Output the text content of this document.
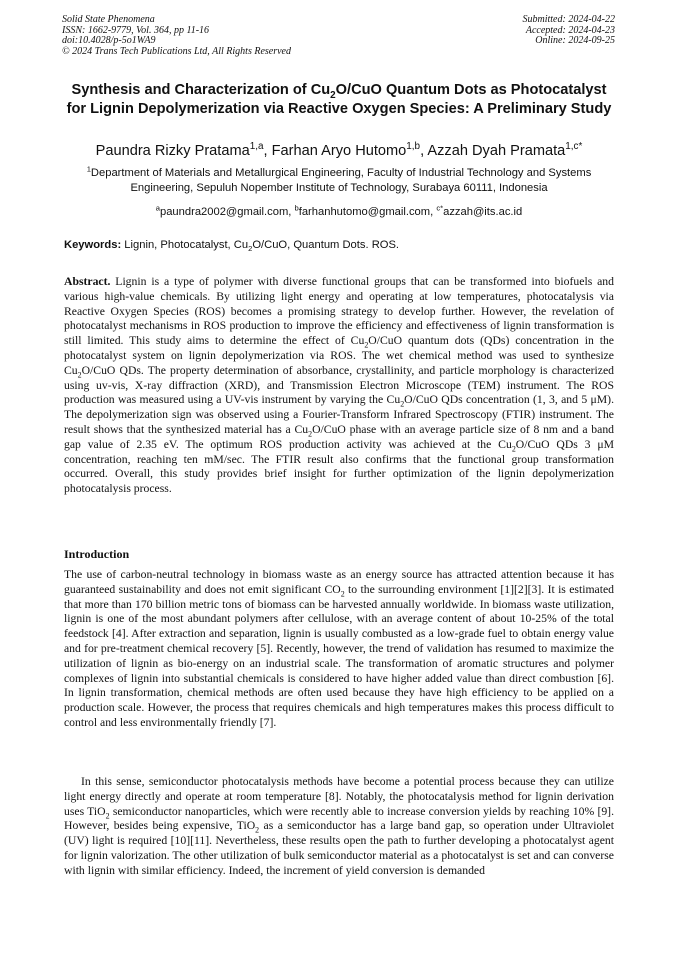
Solid State Phenomena
ISSN: 1662-9779, Vol. 364, pp 11-16
doi:10.4028/p-5o1WA9
© 2024 Trans Tech Publications Ltd, All Rights Reserved
Submitted: 2024-04-22
Accepted: 2024-04-23
Online: 2024-09-25
Synthesis and Characterization of $Cu_2O$/CuO Quantum Dots as Photocatalyst for Lignin Depolymerization via Reactive Oxygen Species: A Preliminary Study
Paundra Rizky Pratama$^{1,a}$, Farhan Aryo Hutomo$^{1,b}$, Azzah Dyah Pramata$^{1,c*}$
$^1$Department of Materials and Metallurgical Engineering, Faculty of Industrial Technology and Systems Engineering, Sepuluh Nopember Institute of Technology, Surabaya 60111, Indonesia
$^a$paundra2002@gmail.com, $^b$farhanhutomo@gmail.com, $^{c*}$azzah@its.ac.id
Keywords: Lignin, Photocatalyst, $Cu_2O$/CuO, Quantum Dots. ROS.
Abstract. Lignin is a type of polymer with diverse functional groups that can be transformed into biofuels and various high-value chemicals. By utilizing light energy and operating at low temperatures, photocatalysis via Reactive Oxygen Species (ROS) becomes a promising strategy to develop further. However, the revelation of photocatalyst mechanisms in ROS production to improve the efficiency and effectiveness of lignin transformation is still limited. This study aims to determine the effect of $Cu_2O$/CuO quantum dots (QDs) concentration in the photocatalyst system on lignin depolymerization via ROS. The wet chemical method was used to synthesize $Cu_2O$/CuO QDs. The property determination of absorbance, crystallinity, and particle morphology is characterized using uv-vis, X-ray diffraction (XRD), and Transmission Electron Microscope (TEM) instrument. The ROS production was measured using a UV-vis instrument by varying the $Cu_2O$/CuO QDs concentration (1, 3, and 5 μM). The depolymerization sign was observed using a Fourier-Transform Infrared Spectroscopy (FTIR) instrument. The result shows that the synthesized material has a $Cu_2O$/CuO phase with an average particle size of 8 nm and a band gap value of 2.35 eV. The optimum ROS production activity was achieved at the $Cu_2O$/CuO QDs 3 μM concentration, reaching ten mM/sec. The FTIR result also confirms that the functional group transformation occurred. Overall, this study provides brief insight for further optimization of the lignin depolymerization photocatalysis process.
Introduction
The use of carbon-neutral technology in biomass waste as an energy source has attracted attention because it has guaranteed sustainability and does not emit significant $CO_2$ to the surrounding environment [1][2][3]. It is estimated that more than 170 billion metric tons of biomass can be harvested annually worldwide. In biomass waste utilization, lignin is one of the most abundant polymers after cellulose, with an average content of about 10-25% of the total feedstock [4]. After extraction and separation, lignin is usually combusted as a low-grade fuel to obtain energy value and for pre-treatment chemical recovery [5]. Recently, however, the trend of validation has resumed to maximize the utilization of lignin as bio-energy on an industrial scale. The transformation of aromatic structures and polymer complexes of lignin into substantial chemicals is considered to have higher added value than direct combustion [6]. In lignin transformation, chemical methods are often used because they have high efficiency to be applied on a production scale. However, the process that requires chemicals and high temperatures makes this process difficult to control and less environmentally friendly [7].
In this sense, semiconductor photocatalysis methods have become a potential process because they can utilize light energy directly and operate at room temperature [8]. Notably, the photocatalysis method for lignin derivation uses TiO$_2$ semiconductor nanoparticles, which were recently able to increase conversion yields by reaching 10% [9]. However, besides being expensive, TiO$_2$ as a semiconductor has a large band gap, so operation under Ultraviolet (UV) light is required [10][11]. Nevertheless, these results open the path to further developing a photocatalyst agent for lignin valorization. The other utilization of bulk semiconductor material as a photocatalyst is set and can converse with lignin with similar efficiency. Indeed, the increment of yield conversion is demanded
